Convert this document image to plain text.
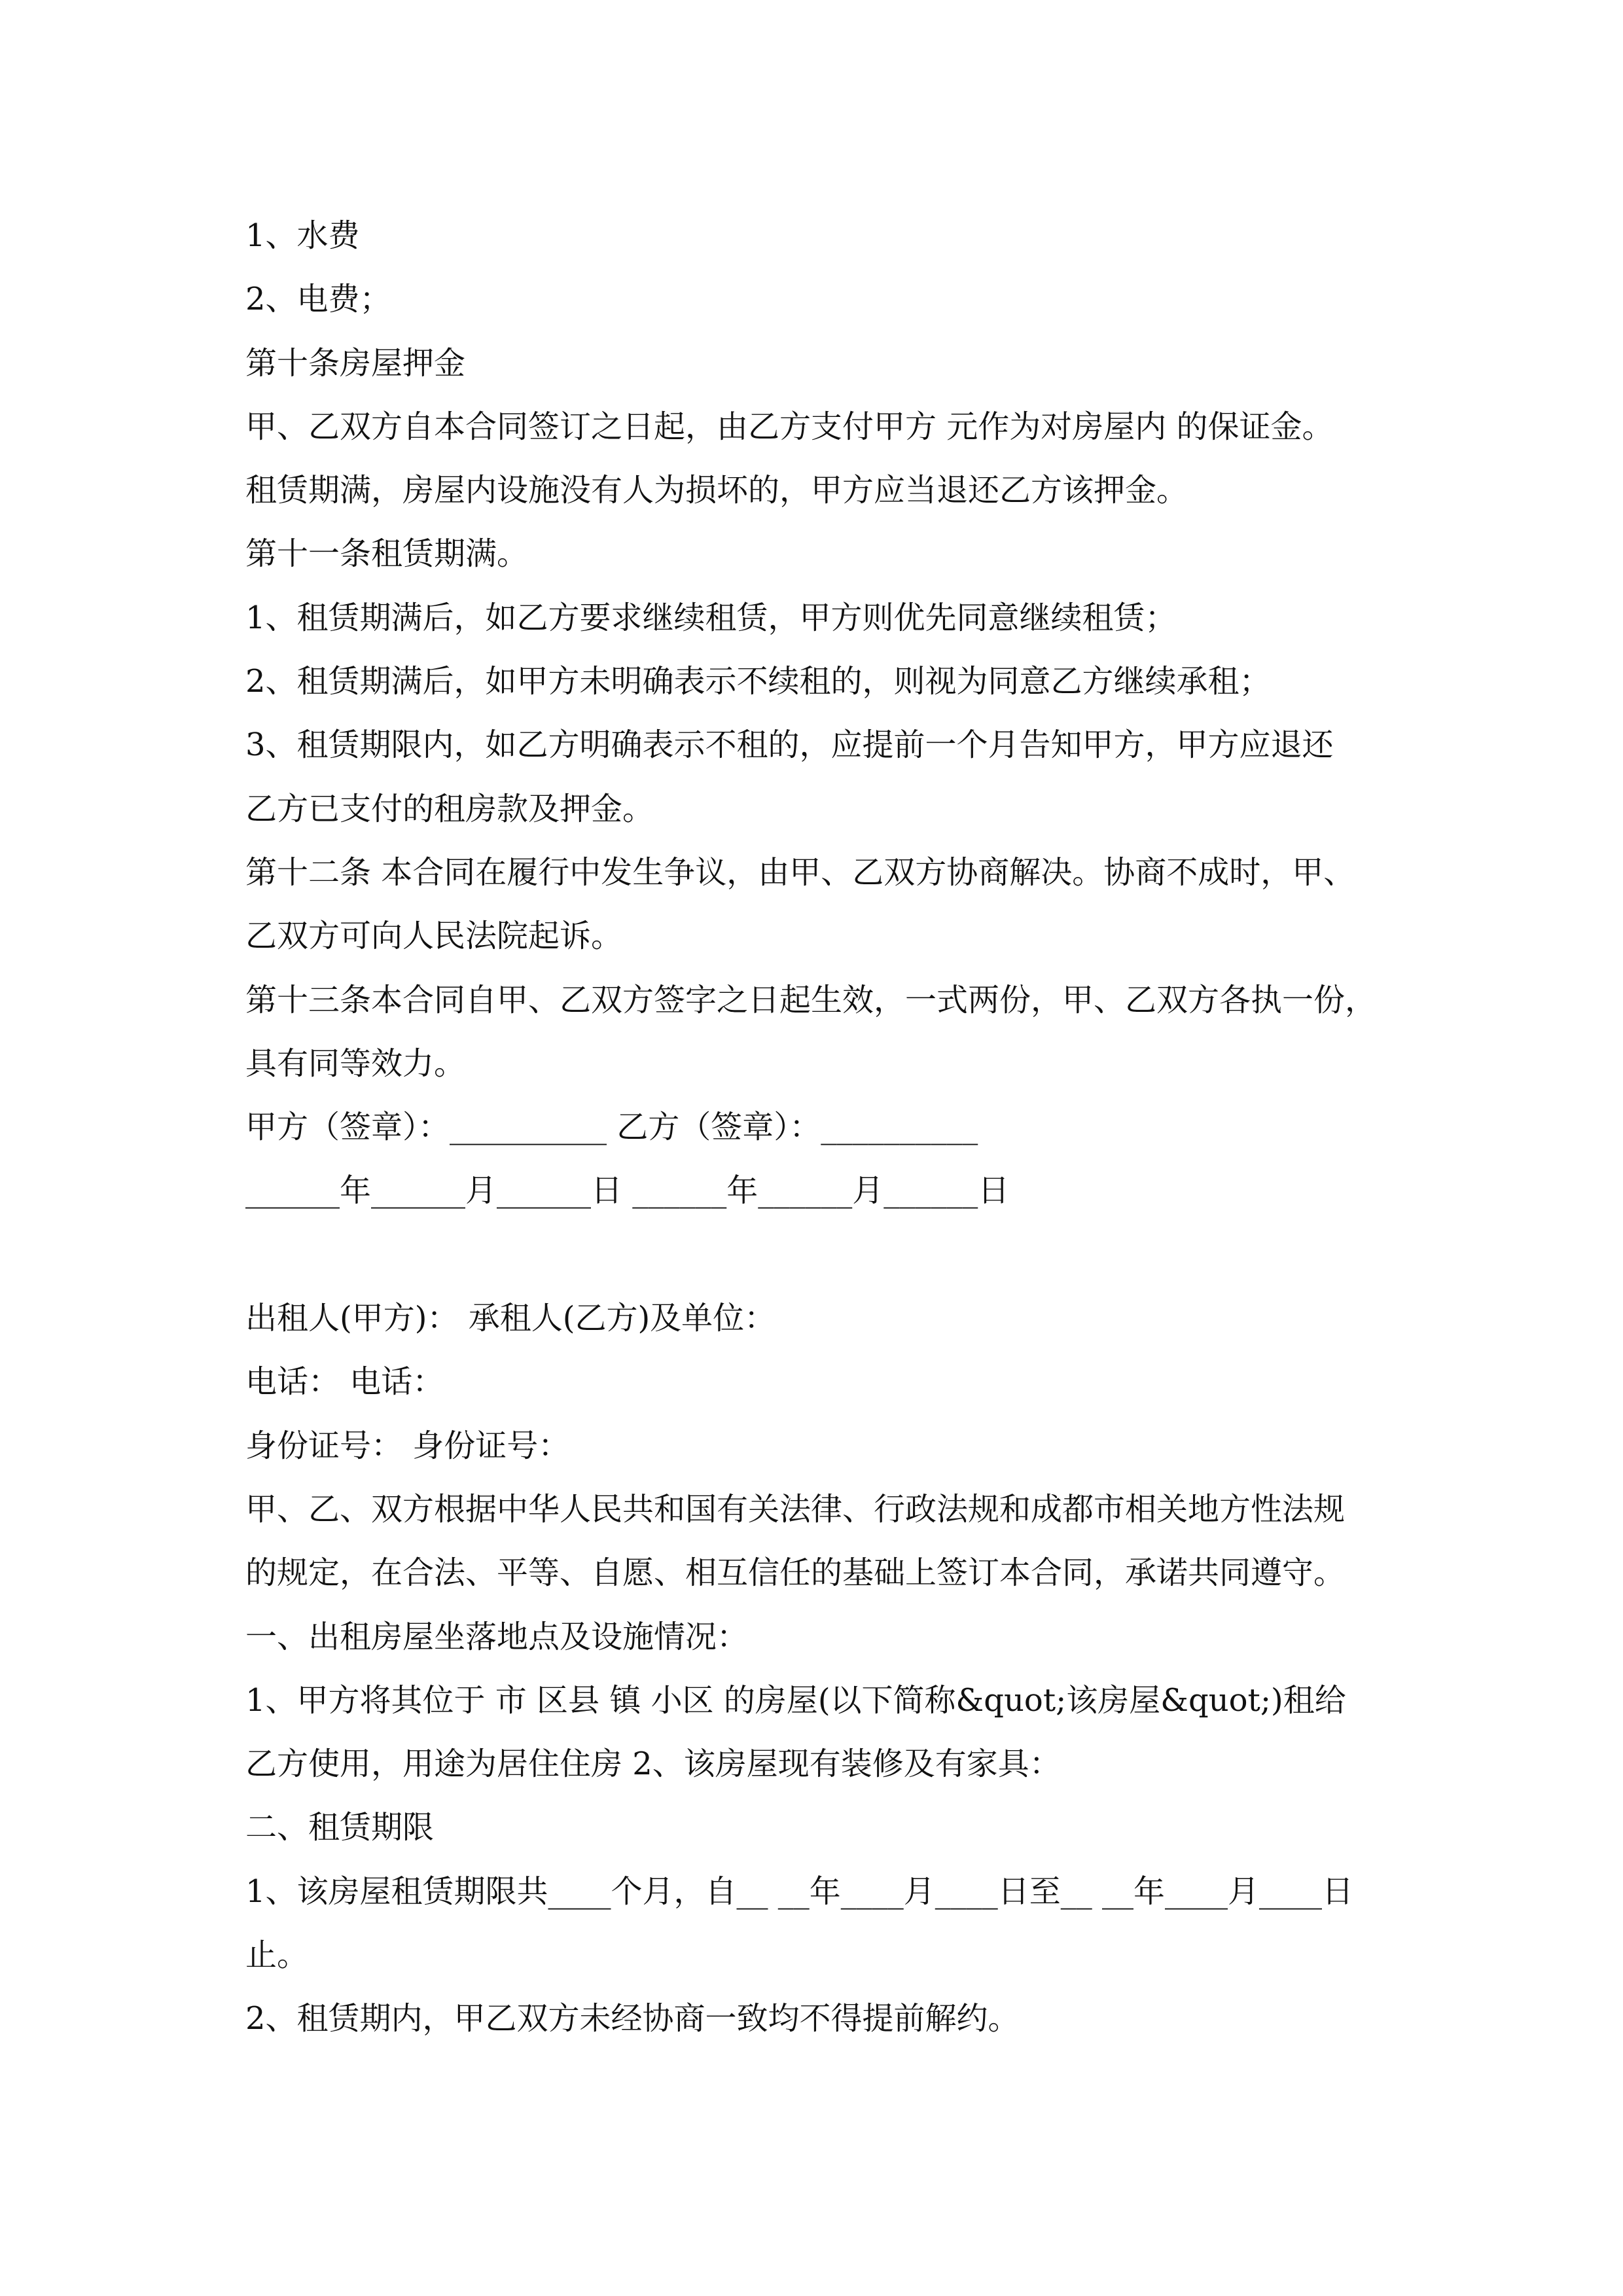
1、水费
2、电费；
第十条房屋押金
甲、乙双方自本合同签订之日起，由乙方支付甲方 元作为对房屋内 的保证金。
租赁期满，房屋内设施没有人为损坏的，甲方应当退还乙方该押金。
第十一条租赁期满。
1、租赁期满后，如乙方要求继续租赁，甲方则优先同意继续租赁；
2、租赁期满后，如甲方未明确表示不续租的，则视为同意乙方继续承租；
3、租赁期限内，如乙方明确表示不租的，应提前一个月告知甲方，甲方应退还
乙方已支付的租房款及押金。
第十二条 本合同在履行中发生争议，由甲、乙双方协商解决。协商不成时，甲、
乙双方可向人民法院起诉。
第十三条本合同自甲、乙双方签字之日起生效，一式两份，甲、乙双方各执一份，
具有同等效力。
甲方（签章）：__________ 乙方（签章）：__________
______年______月______日 ______年______月______日
出租人(甲方)： 承租人(乙方)及单位：
电话： 电话：
身份证号： 身份证号：
甲、乙、双方根据中华人民共和国有关法律、行政法规和成都市相关地方性法规
的规定，在合法、平等、自愿、相互信任的基础上签订本合同，承诺共同遵守。
一、出租房屋坐落地点及设施情况：
1、甲方将其位于 市 区县 镇 小区 的房屋(以下简称&quot;该房屋&quot;)租给
乙方使用，用途为居住住房 2、该房屋现有装修及有家具：
二、租赁期限
1、该房屋租赁期限共____个月，自__ __年____月____日至__ __年____月____日
止。
2、租赁期内，甲乙双方未经协商一致均不得提前解约。
